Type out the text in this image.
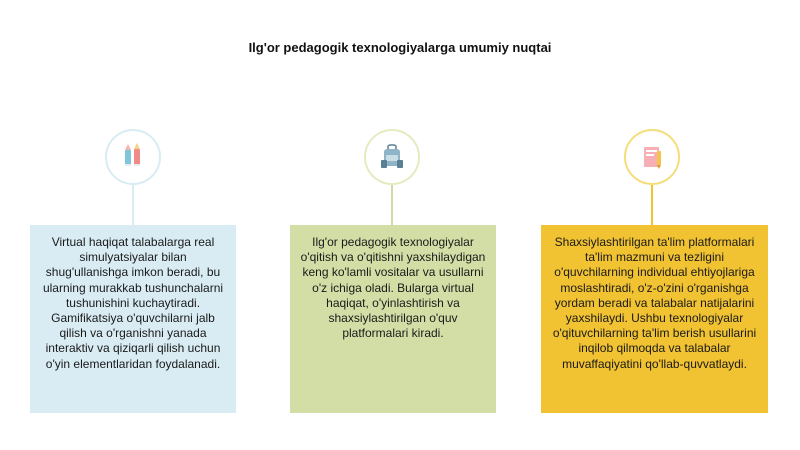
Ilg'or pedagogik texnologiyalarga umumiy nuqtai
Virtual haqiqat talabalarga real simulyatsiyalar bilan shug'ullanishga imkon beradi, bu ularning murakkab tushunchalarni tushunishini kuchaytiradi. Gamifikatsiya o'quvchilarni jalb qilish va o'rganishni yanada interaktiv va qiziqarli qilish uchun o'yin elementlaridan foydalanadi.
Ilg'or pedagogik texnologiyalar o'qitish va o'qitishni yaxshilaydigan keng ko'lamli vositalar va usullarni o'z ichiga oladi. Bularga virtual haqiqat, o'yinlashtirish va shaxsiylashtirilgan o'quv platformalari kiradi.
Shaxsiylashtirilgan ta'lim platformalari ta'lim mazmuni va tezligini o'quvchilarning individual ehtiyojlariga moslashtiradi, o'z-o'zini o'rganishga yordam beradi va talabalar natijalarini yaxshilaydi. Ushbu texnologiyalar o'qituvchilarning ta'lim berish usullarini inqilob qilmoqda va talabalar muvaffaqiyatini qo'llab-quvvatlaydi.
